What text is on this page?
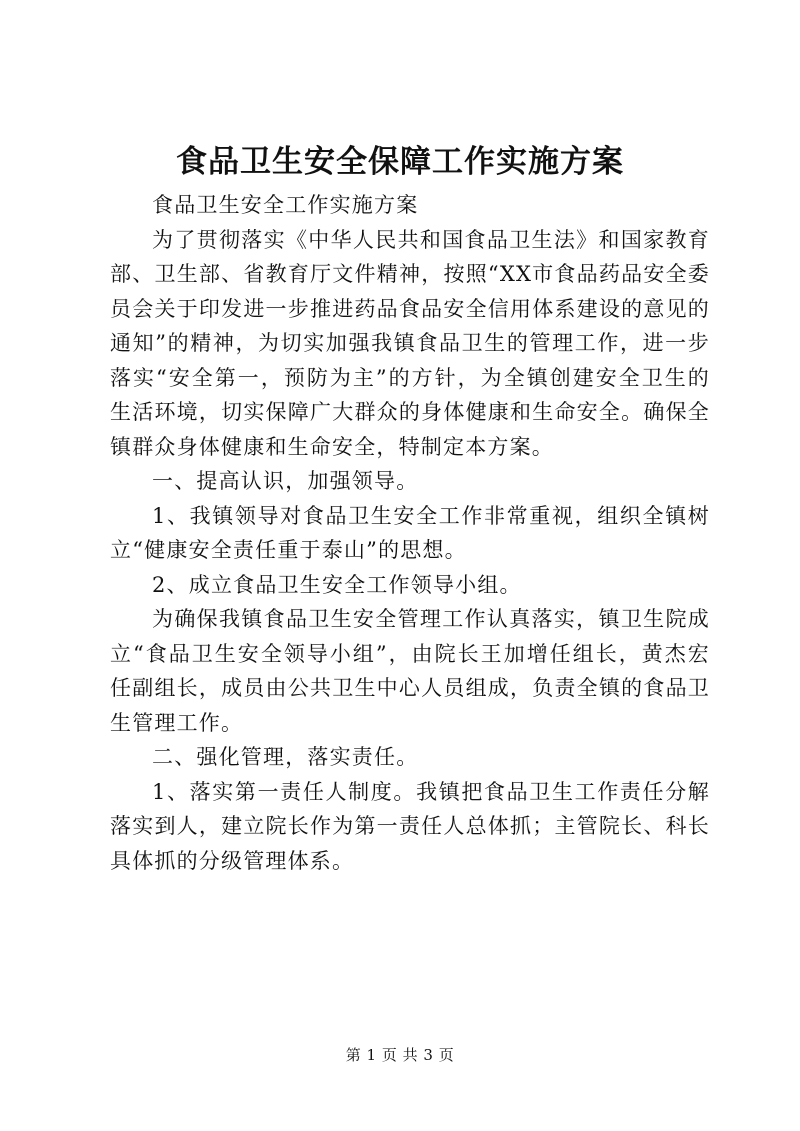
食品卫生安全保障工作实施方案

食品卫生安全工作实施方案

为了贯彻落实《中华人民共和国食品卫生法》和国家教育部、卫生部、省教育厅文件精神，按照“XX市食品药品安全委员会关于印发进一步推进药品食品安全信用体系建设的意见的通知”的精神，为切实加强我镇食品卫生的管理工作，进一步落实“安全第一，预防为主”的方针，为全镇创建安全卫生的生活环境，切实保障广大群众的身体健康和生命安全。确保全镇群众身体健康和生命安全，特制定本方案。

一、提高认识，加强领导。

1、我镇领导对食品卫生安全工作非常重视，组织全镇树立“健康安全责任重于泰山”的思想。

2、成立食品卫生安全工作领导小组。

为确保我镇食品卫生安全管理工作认真落实，镇卫生院成立“食品卫生安全领导小组”，由院长王加增任组长，黄杰宏任副组长，成员由公共卫生中心人员组成，负责全镇的食品卫生管理工作。

二、强化管理，落实责任。

1、落实第一责任人制度。我镇把食品卫生工作责任分解落实到人，建立院长作为第一责任人总体抓；主管院长、科长具体抓的分级管理体系。

第 1 页 共 3 页
